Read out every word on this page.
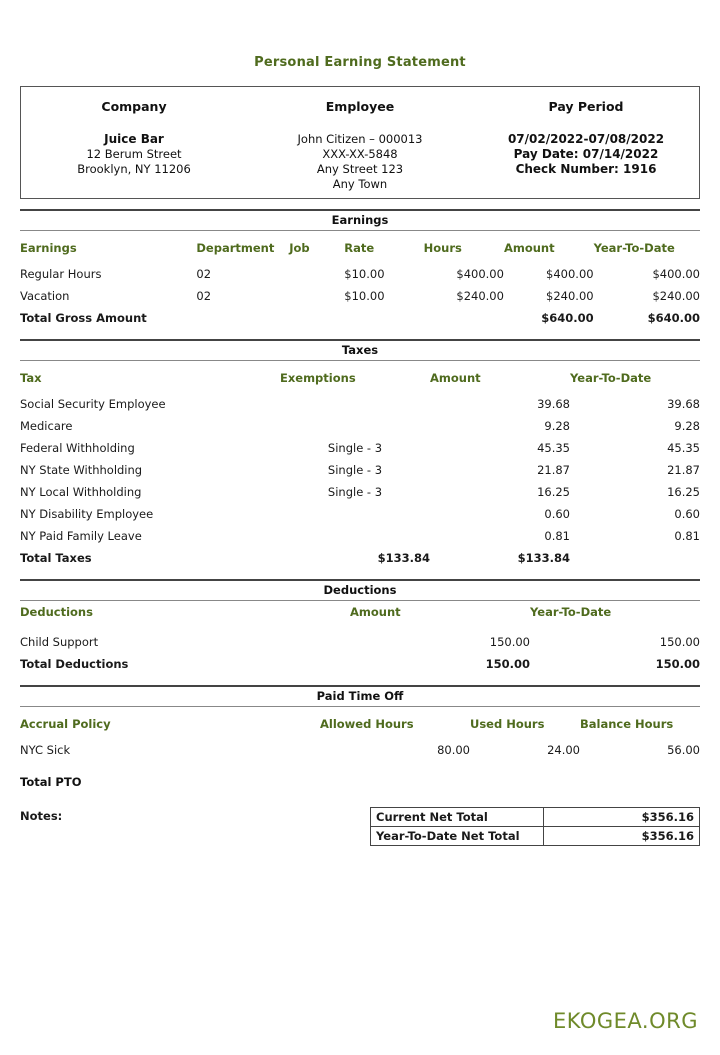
Personal Earning Statement
Company
Juice Bar
12 Berum Street
Brooklyn, NY 11206
Employee
John Citizen – 000013
XXX-XX-5848
Any Street 123
Any Town
Pay Period
07/02/2022-07/08/2022
Pay Date: 07/14/2022
Check Number: 1916
Earnings
Earnings	Department	Job	Rate	Hours	Amount	Year-To-Date
Regular Hours	02		$10.00	$400.00	$400.00	$400.00
Vacation	02		$10.00	$240.00	$240.00	$240.00
Total Gross Amount					$640.00	$640.00
Taxes
Tax	Exemptions	Amount	Year-To-Date
Social Security Employee		39.68	39.68
Medicare		9.28	9.28
Federal Withholding	Single - 3	45.35	45.35
NY State Withholding	Single - 3	21.87	21.87
NY Local Withholding	Single - 3	16.25	16.25
NY Disability Employee		0.60	0.60
NY Paid Family Leave		0.81	0.81
Total Taxes	$133.84	$133.84	
Deductions
Deductions	Amount	Year-To-Date
Child Support	150.00	150.00
Total Deductions	150.00	150.00
Paid Time Off
Accrual Policy	Allowed Hours	Used Hours	Balance Hours
NYC Sick	80.00	24.00	56.00
Total PTO
Notes:	Current Net Total	$356.16
Year-To-Date Net Total	$356.16
EKOGEA.ORG
